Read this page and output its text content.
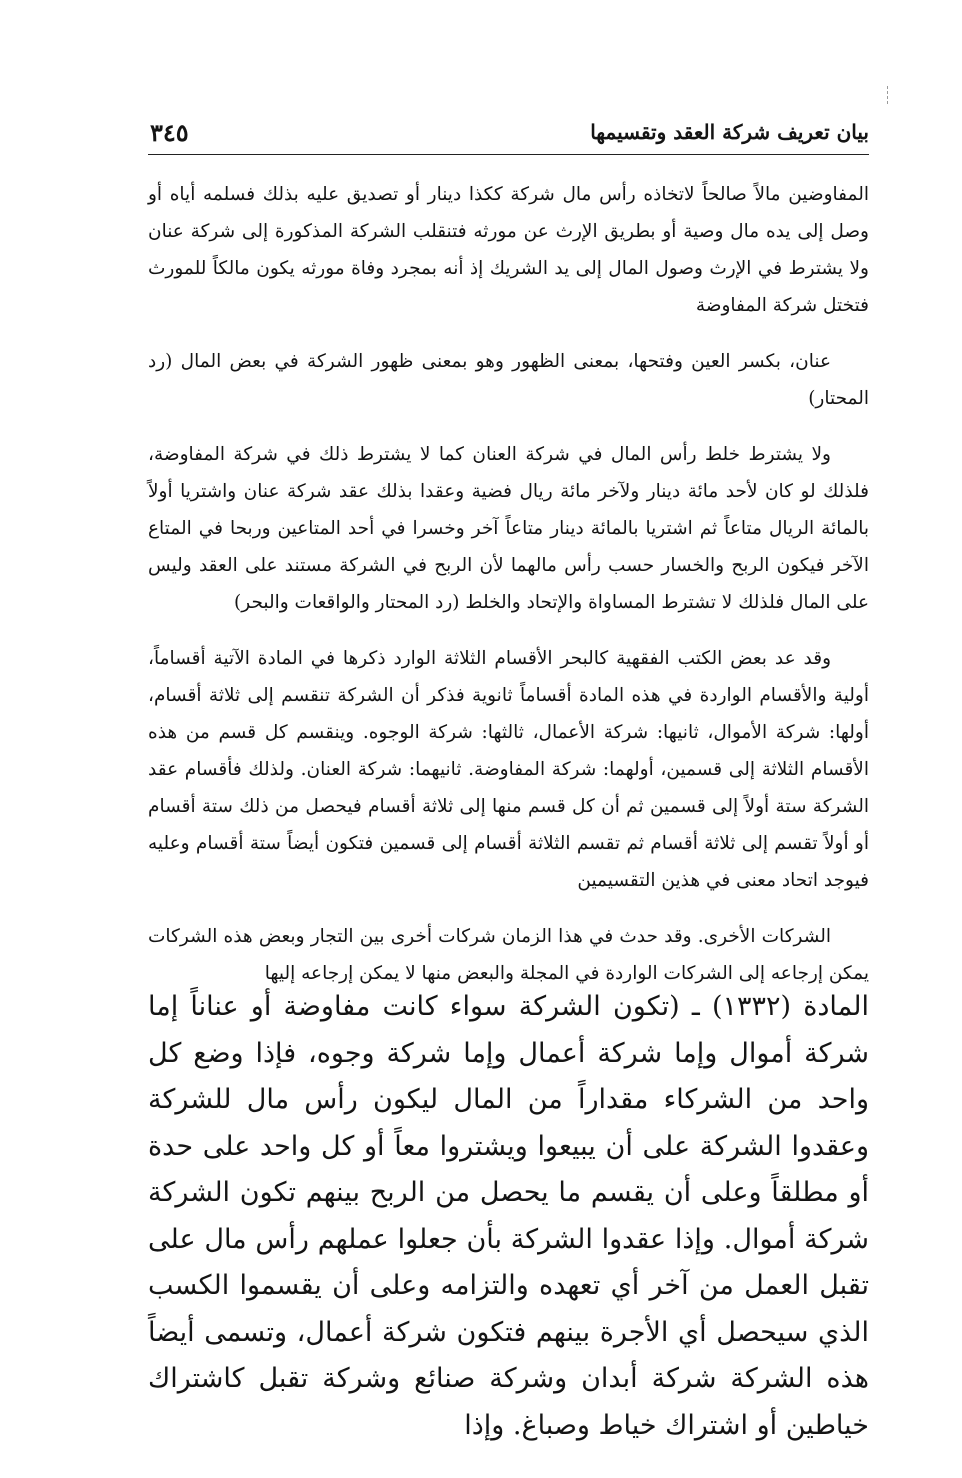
بيان تعريف شركة العقد وتقسيمها
٣٤٥

المفاوضين مالاً صالحاً لاتخاذه رأس مال شركة ككذا دينار أو تصديق عليه بذلك فسلمه أياه أو وصل إلى يده مال وصية أو بطريق الإرث عن مورثه فتنقلب الشركة المذكورة إلى شركة عنان ولا يشترط في الإرث وصول المال إلى يد الشريك إذ أنه بمجرد وفاة مورثه يكون مالكاً للمورث فتختل شركة المفاوضة

عنان، بكسر العين وفتحها، بمعنى الظهور وهو بمعنى ظهور الشركة في بعض المال (رد المحتار)

ولا يشترط خلط رأس المال في شركة العنان كما لا يشترط ذلك في شركة المفاوضة، فلذلك لو كان لأحد مائة دينار ولآخر مائة ريال فضية وعقدا بذلك عقد شركة عنان واشتريا أولاً بالمائة الريال متاعاً ثم اشتريا بالمائة دينار متاعاً آخر وخسرا في أحد المتاعين وربحا في المتاع الآخر فيكون الربح والخسار حسب رأس مالهما لأن الربح في الشركة مستند على العقد وليس على المال فلذلك لا تشترط المساواة والإتحاد والخلط (رد المحتار والواقعات والبحر)

وقد عد بعض الكتب الفقهية كالبحر الأقسام الثلاثة الوارد ذكرها في المادة الآتية أقساماً، أولية والأقسام الواردة في هذه المادة أقساماً ثانوية فذكر أن الشركة تنقسم إلى ثلاثة أقسام، أولها: شركة الأموال، ثانيها: شركة الأعمال، ثالثها: شركة الوجوه. وينقسم كل قسم من هذه الأقسام الثلاثة إلى قسمين، أولهما: شركة المفاوضة. ثانيهما: شركة العنان. ولذلك فأقسام عقد الشركة ستة أولاً إلى قسمين ثم أن كل قسم منها إلى ثلاثة أقسام فيحصل من ذلك ستة أقسام أو أولاً تقسم إلى ثلاثة أقسام ثم تقسم الثلاثة أقسام إلى قسمين فتكون أيضاً ستة أقسام وعليه فيوجد اتحاد معنى في هذين التقسيمين

الشركات الأخرى. وقد حدث في هذا الزمان شركات أخرى بين التجار وبعض هذه الشركات يمكن إرجاعه إلى الشركات الواردة في المجلة والبعض منها لا يمكن إرجاعه إليها

المادة (١٣٣٢) ـ (تكون الشركة سواء كانت مفاوضة أو عناناً إما شركة أموال وإما شركة أعمال وإما شركة وجوه، فإذا وضع كل واحد من الشركاء مقداراً من المال ليكون رأس مال للشركة وعقدوا الشركة على أن يبيعوا ويشتروا معاً أو كل واحد على حدة أو مطلقاً وعلى أن يقسم ما يحصل من الربح بينهم تكون الشركة شركة أموال. وإذا عقدوا الشركة بأن جعلوا عملهم رأس مال على تقبل العمل من آخر أي تعهده والتزامه وعلى أن يقسموا الكسب الذي سيحصل أي الأجرة بينهم فتكون شركة أعمال، وتسمى أيضاً هذه الشركة شركة أبدان وشركة صنائع وشركة تقبل كاشتراك خياطين أو اشتراك خياط وصباغ. وإذا
